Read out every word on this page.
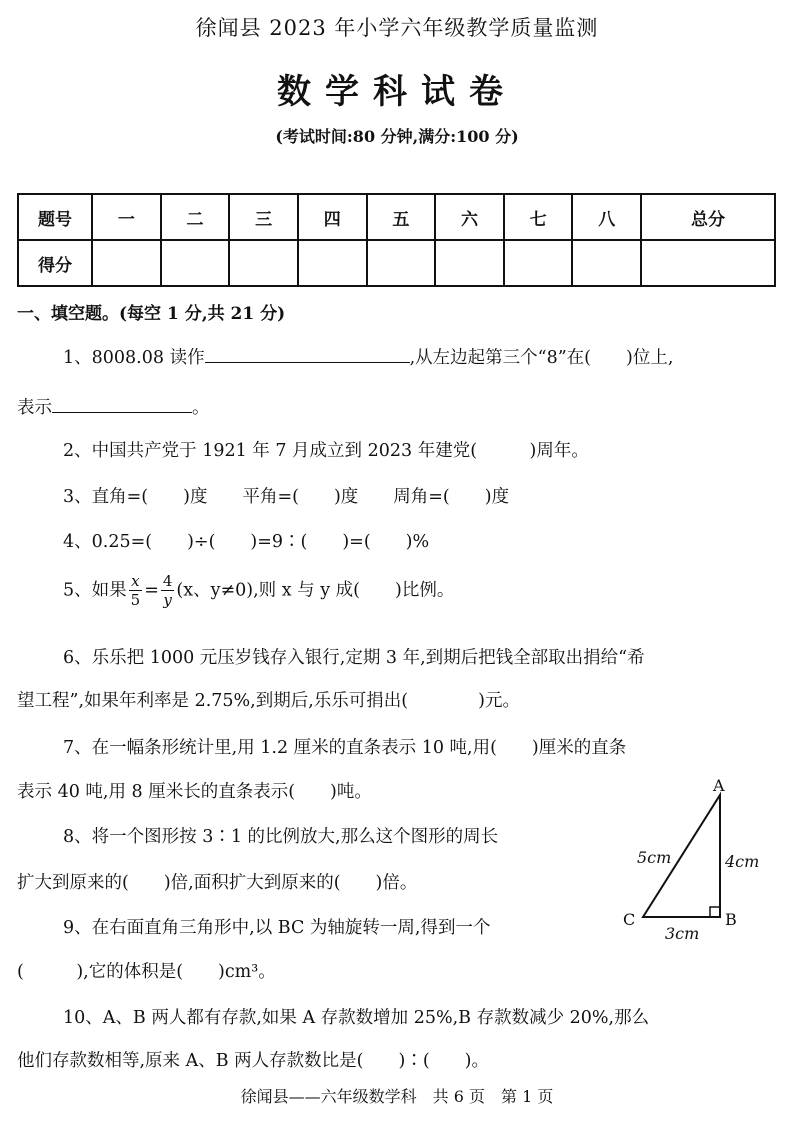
徐闻县 2023 年小学六年级教学质量监测
数学科试卷
(考试时间:80 分钟,满分:100 分)
题号	一	二	三	四	五	六	七	八	总分
得分									
一、填空题。(每空 1 分,共 21 分)
1、8008.08 读作	,从左边起第三个“8”在(　　)位上,
表示	。
2、中国共产党于 1921 年 7 月成立到 2023 年建党(　　　)周年。
3、直角=(　　)度　　平角=(　　)度　　周角=(　　)度
4、0.25=(　　)÷(　　)=9∶(　　)=(　　)%
5、如果 $\frac{x}{5} = \frac{4}{y} (x$、y≠0),则 x 与 y 成(　　)比例。
6、乐乐把 1000 元压岁钱存入银行,定期 3 年,到期后把钱全部取出捐给“希
望工程”,如果年利率是 2.75%,到期后,乐乐可捐出(　　　　)元。
7、在一幅条形统计里,用 1.2 厘米的直条表示 10 吨,用(　　)厘米的直条
表示 40 吨,用 8 厘米长的直条表示(　　)吨。
8、将一个图形按 3∶1 的比例放大,那么这个图形的周长
扩大到原来的(　　)倍,面积扩大到原来的(　　)倍。
9、在右面直角三角形中,以 BC 为轴旋转一周,得到一个
(　　　),它的体积是(　　)cm³。
10、A、B 两人都有存款,如果 A 存款数增加 25%,B 存款数减少 20%,那么
他们存款数相等,原来 A、B 两人存款数比是(　　)∶(　　)。
A
B
C
5cm	4cm
3cm
徐闻县——六年级数学科　共 6 页　第 1 页
